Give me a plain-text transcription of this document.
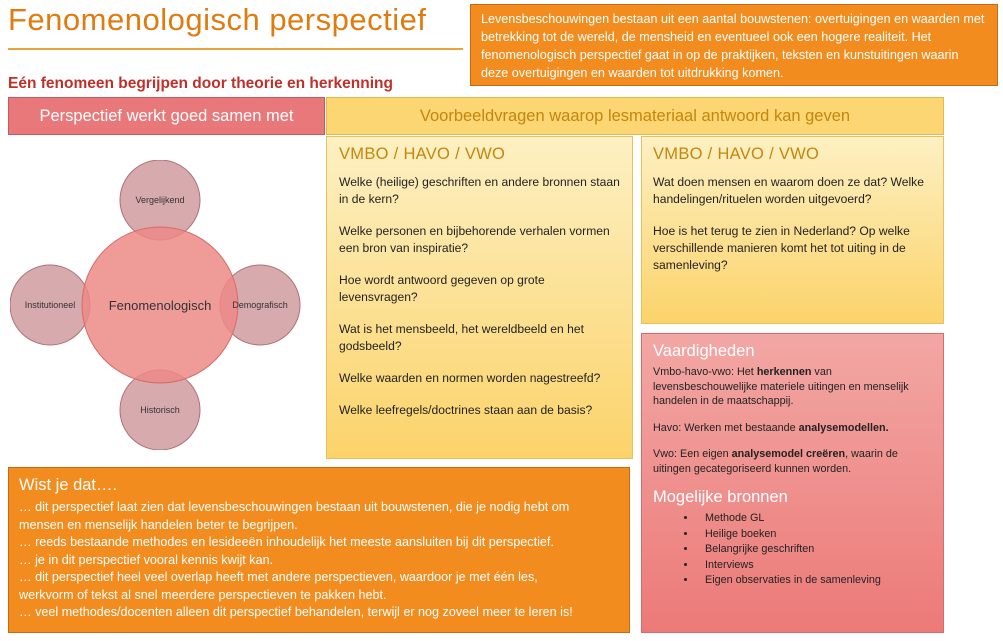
Fenomenologisch perspectief	Levensbeschouwingen bestaan uit een aantal bouwstenen: overtuigingen en waarden met betrekking tot de wereld, de mensheid en eventueel ook een hogere realiteit. Het fenomenologisch perspectief gaat in op de praktijken, teksten en kunstuitingen waarin deze overtuigingen en waarden tot uitdrukking komen.
Eén fenomeen begrijpen door theorie en herkenning
Perspectief werkt goed samen met	Voorbeeldvragen waarop lesmateriaal antwoord kan geven
Vergelijkend
Institutioneel	Demografisch
Historisch
Fenomenologisch
VMBO / HAVO / VWO

Welke (heilige) geschriften en andere bronnen staan in de kern?

Welke personen en bijbehorende verhalen vormen een bron van inspiratie?

Hoe wordt antwoord gegeven op grote levensvragen?

Wat is het mensbeeld, het wereldbeeld en het godsbeeld?

Welke waarden en normen worden nagestreefd?

Welke leefregels/doctrines staan aan de basis?

VMBO / HAVO / VWO

Wat doen mensen en waarom doen ze dat? Welke handelingen/rituelen worden uitgevoerd?

Hoe is het terug te zien in Nederland? Op welke verschillende manieren komt het tot uiting in de samenleving?

Vaardigheden

Vmbo-havo-vwo: Het herkennen van levensbeschouwelijke materiele uitingen en menselijk handelen in de maatschappij.

Havo: Werken met bestaande analysemodellen.

Vwo: Een eigen analysemodel creëren, waarin de uitingen gecategoriseerd kunnen worden.

Mogelijke bronnen
• Methode GL
• Heilige boeken
• Belangrijke geschriften
• Interviews
• Eigen observaties in de samenleving
Wist je dat….
… dit perspectief laat zien dat levensbeschouwingen bestaan uit bouwstenen, die je nodig hebt om
mensen en menselijk handelen beter te begrijpen.
… reeds bestaande methodes en lesideeën inhoudelijk het meeste aansluiten bij dit perspectief.
… je in dit perspectief vooral kennis kwijt kan.
… dit perspectief heel veel overlap heeft met andere perspectieven, waardoor je met één les,
werkvorm of tekst al snel meerdere perspectieven te pakken hebt.
… veel methodes/docenten alleen dit perspectief behandelen, terwijl er nog zoveel meer te leren is!
